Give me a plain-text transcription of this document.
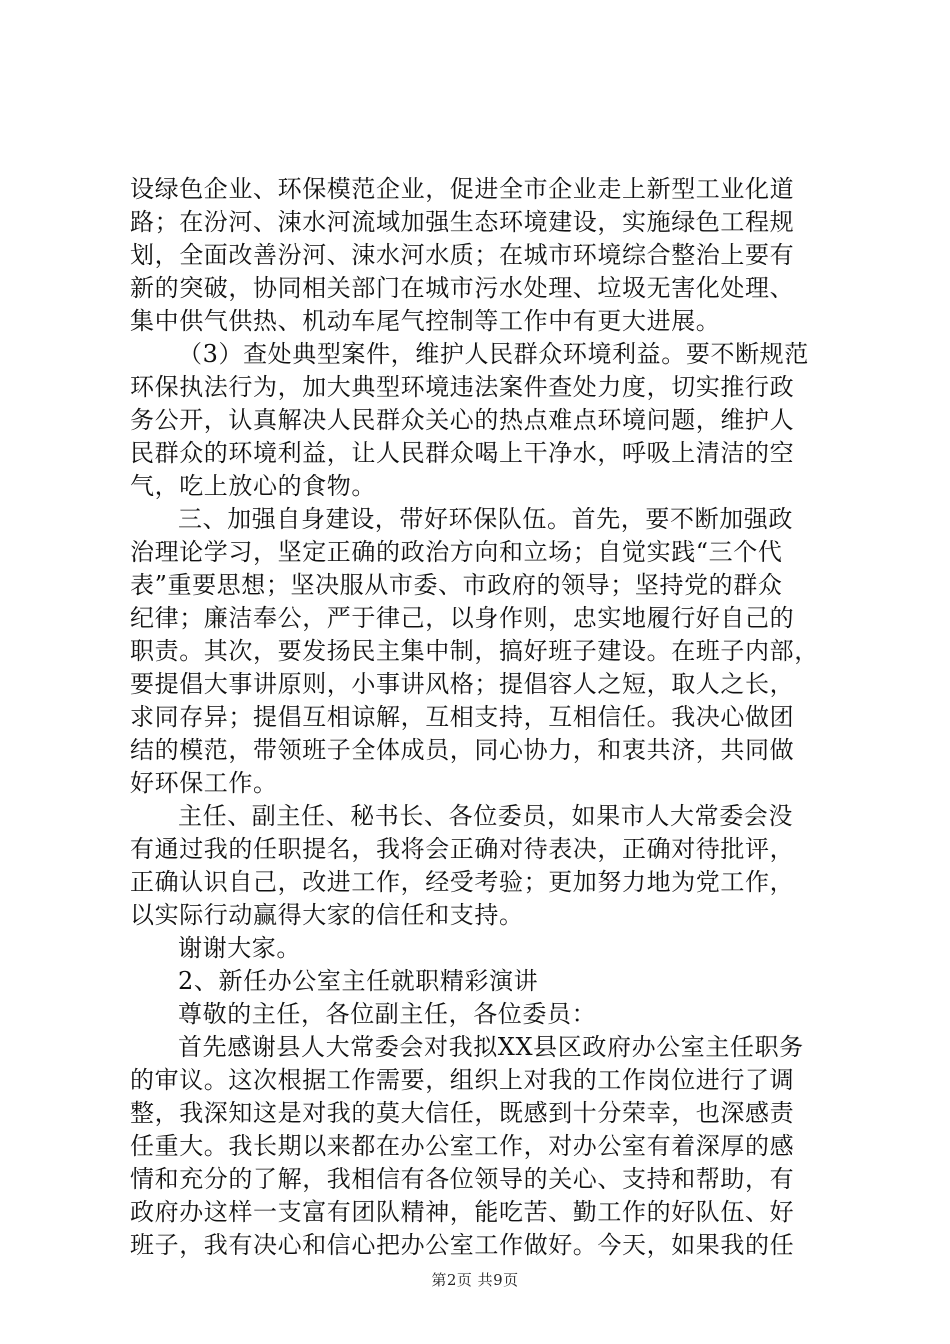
设绿色企业、环保模范企业，促进全市企业走上新型工业化道
路；在汾河、涑水河流域加强生态环境建设，实施绿色工程规
划，全面改善汾河、涑水河水质；在城市环境综合整治上要有
新的突破，协同相关部门在城市污水处理、垃圾无害化处理、
集中供气供热、机动车尾气控制等工作中有更大进展。
（3）查处典型案件，维护人民群众环境利益。要不断规范
环保执法行为，加大典型环境违法案件查处力度，切实推行政
务公开，认真解决人民群众关心的热点难点环境问题，维护人
民群众的环境利益，让人民群众喝上干净水，呼吸上清洁的空
气，吃上放心的食物。
三、加强自身建设，带好环保队伍。首先，要不断加强政
治理论学习，坚定正确的政治方向和立场；自觉实践“三个代
表”重要思想；坚决服从市委、市政府的领导；坚持党的群众
纪律；廉洁奉公，严于律己，以身作则，忠实地履行好自己的
职责。其次，要发扬民主集中制，搞好班子建设。在班子内部，
要提倡大事讲原则，小事讲风格；提倡容人之短，取人之长，
求同存异；提倡互相谅解，互相支持，互相信任。我决心做团
结的模范，带领班子全体成员，同心协力，和衷共济，共同做
好环保工作。
主任、副主任、秘书长、各位委员，如果市人大常委会没
有通过我的任职提名，我将会正确对待表决，正确对待批评，
正确认识自己，改进工作，经受考验；更加努力地为党工作，
以实际行动赢得大家的信任和支持。
谢谢大家。
2、新任办公室主任就职精彩演讲
尊敬的主任，各位副主任，各位委员：
首先感谢县人大常委会对我拟XX县区政府办公室主任职务
的审议。这次根据工作需要，组织上对我的工作岗位进行了调
整，我深知这是对我的莫大信任，既感到十分荣幸，也深感责
任重大。我长期以来都在办公室工作，对办公室有着深厚的感
情和充分的了解，我相信有各位领导的关心、支持和帮助，有
政府办这样一支富有团队精神，能吃苦、勤工作的好队伍、好
班子，我有决心和信心把办公室工作做好。今天，如果我的任
第2页 共9页
